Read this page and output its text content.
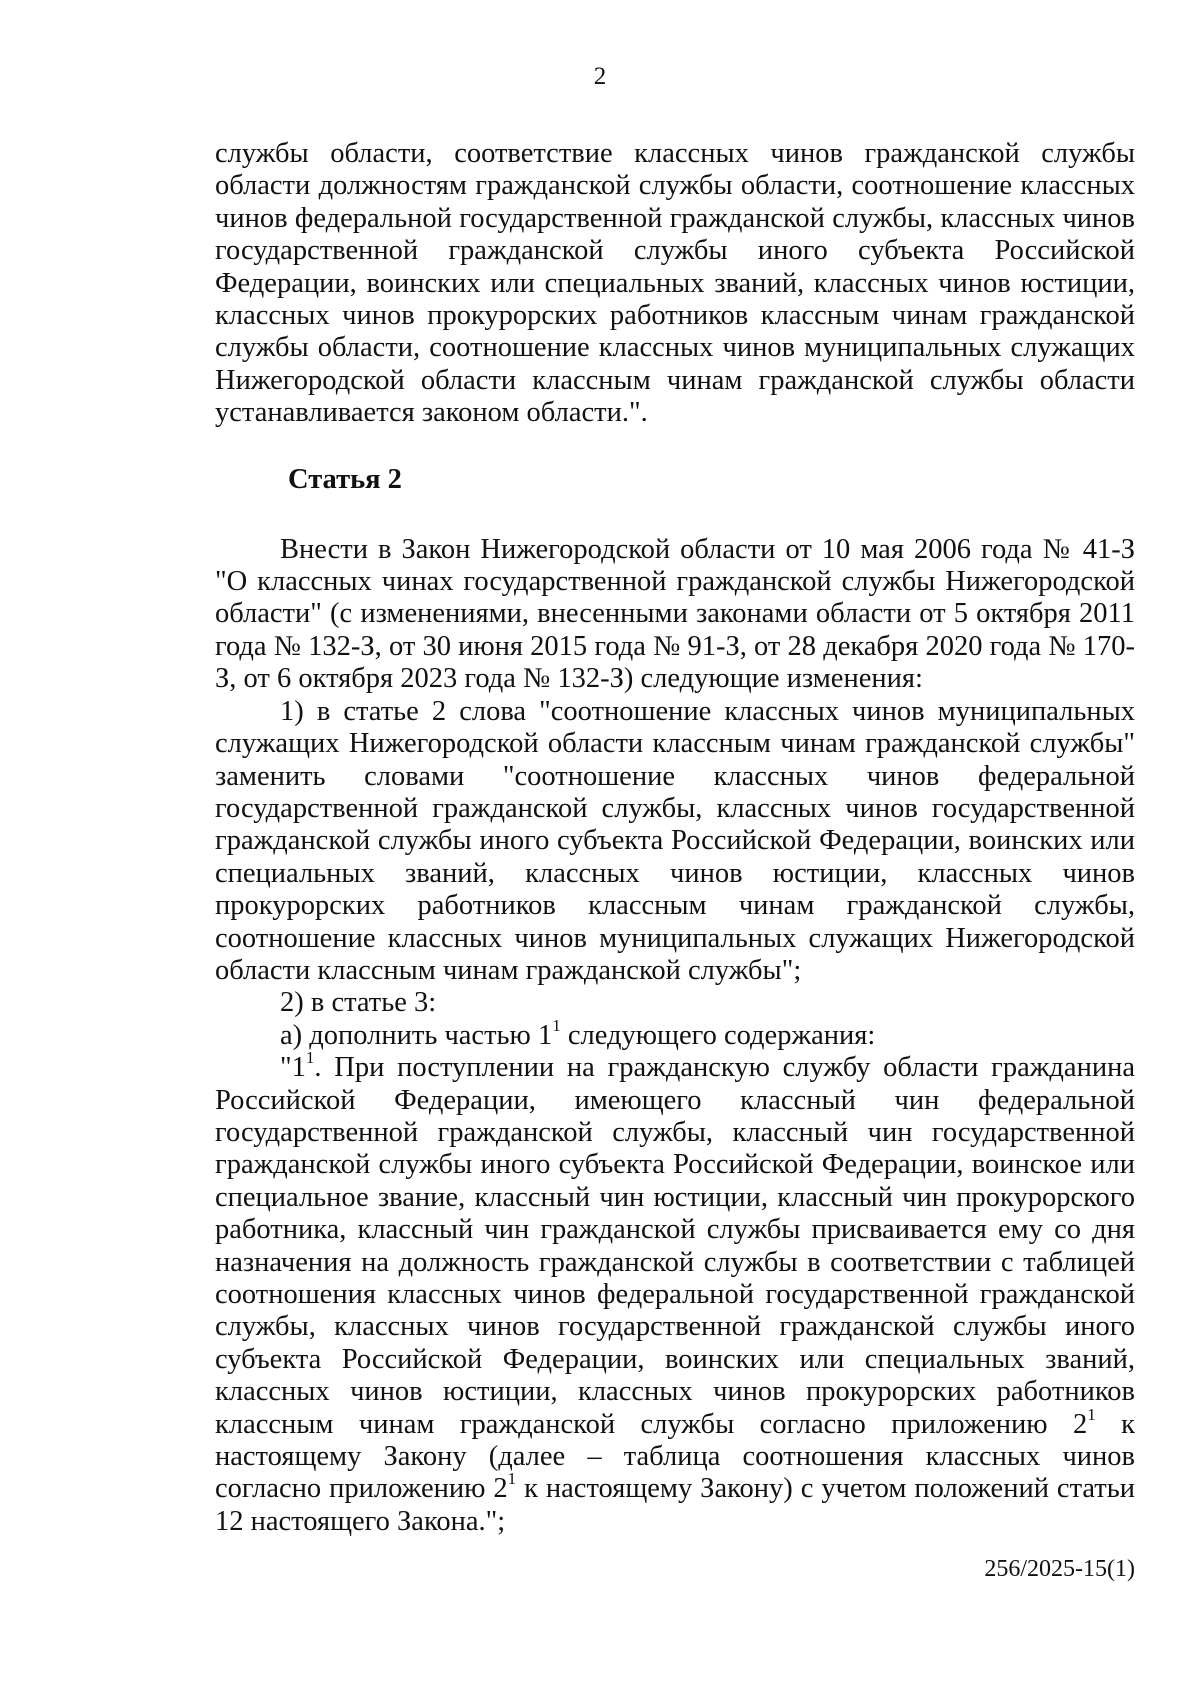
2

службы области, соответствие классных чинов гражданской службы области должностям гражданской службы области, соотношение классных чинов федеральной государственной гражданской службы, классных чинов государственной гражданской службы иного субъекта Российской Федерации, воинских или специальных званий, классных чинов юстиции, классных чинов прокурорских работников классным чинам гражданской службы области, соотношение классных чинов муниципальных служащих Нижегородской области классным чинам гражданской службы области устанавливается законом области.".

Статья 2

Внести в Закон Нижегородской области от 10 мая 2006 года № 41-З "О классных чинах государственной гражданской службы Нижегородской области" (с изменениями, внесенными законами области от 5 октября 2011 года № 132-З, от 30 июня 2015 года № 91-З, от 28 декабря 2020 года № 170-З, от 6 октября 2023 года № 132-З) следующие изменения:

1) в статье 2 слова "соотношение классных чинов муниципальных служащих Нижегородской области классным чинам гражданской службы" заменить словами "соотношение классных чинов федеральной государственной гражданской службы, классных чинов государственной гражданской службы иного субъекта Российской Федерации, воинских или специальных званий, классных чинов юстиции, классных чинов прокурорских работников классным чинам гражданской службы, соотношение классных чинов муниципальных служащих Нижегородской области классным чинам гражданской службы";

2) в статье 3:

а) дополнить частью $1^1$ следующего содержания:

"$1^1$. При поступлении на гражданскую службу области гражданина Российской Федерации, имеющего классный чин федеральной государственной гражданской службы, классный чин государственной гражданской службы иного субъекта Российской Федерации, воинское или специальное звание, классный чин юстиции, классный чин прокурорского работника, классный чин гражданской службы присваивается ему со дня назначения на должность гражданской службы в соответствии с таблицей соотношения классных чинов федеральной государственной гражданской службы, классных чинов государственной гражданской службы иного субъекта Российской Федерации, воинских или специальных званий, классных чинов юстиции, классных чинов прокурорских работников классным чинам гражданской службы согласно приложению $2^1$ к настоящему Закону (далее – таблица соотношения классных чинов согласно приложению $2^1$ к настоящему Закону) с учетом положений статьи 12 настоящего Закона.";

256/2025-15(1)
